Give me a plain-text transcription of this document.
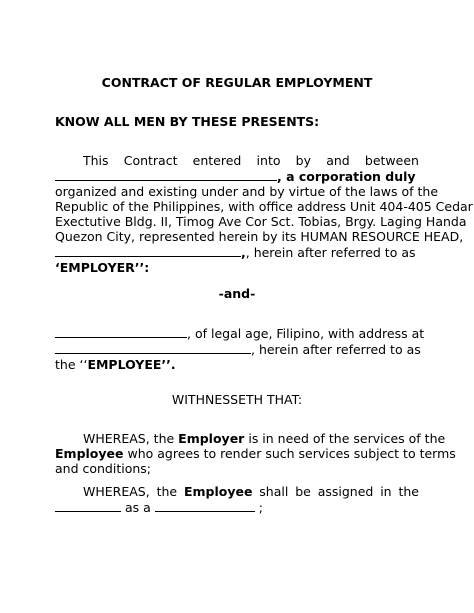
CONTRACT OF REGULAR EMPLOYMENT
KNOW ALL MEN BY THESE PRESENTS:
This Contract entered into by and between
, a corporation duly
organized and existing under and by virtue of the laws of the
Republic of the Philippines, with office address Unit 404-405 Cedar
Exectutive Bldg. II, Timog Ave Cor Sct. Tobias, Brgy. Laging Handa
Quezon City, represented herein by its HUMAN RESOURCE HEAD,
,, herein after referred to as
‘EMPLOYER’’:
-and-
, of legal age, Filipino, with address at
, herein after referred to as
the ‘‘EMPLOYEE’’.
WITHNESSETH THAT:
WHEREAS, the Employer is in need of the services of the
Employee who agrees to render such services subject to terms
and conditions;
WHEREAS, the Employee shall be assigned in the
as a	;
